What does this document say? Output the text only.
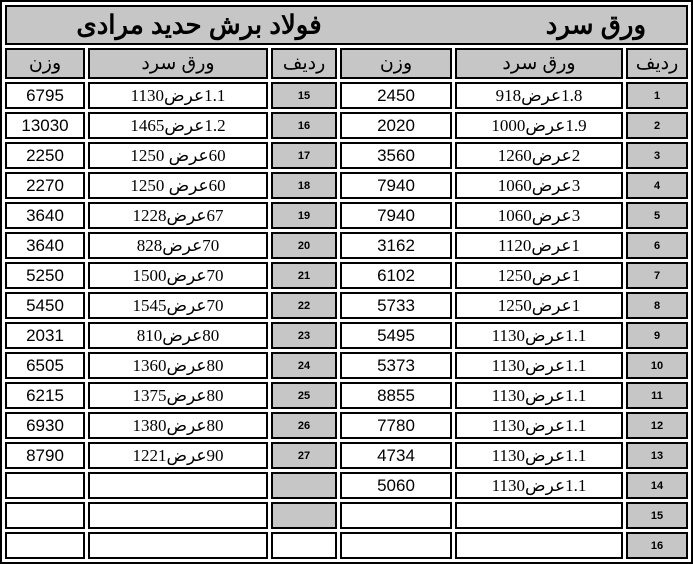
فولاد برش حدید مرادی ورق سرد					

وزن	ورق سرد	ردیف	وزن	ورق سرد	ردیف
6795	1.1عرض1130	15	2450	1.8عرض918	1
13030	1.2عرض1465	16	2020	1.9عرض1000	2
2250	60عرض 1250	17	3560	2عرض1260	3
2270	60عرض 1250	18	7940	3عرض1060	4
3640	67عرض1228	19	7940	3عرض1060	5
3640	70عرض828	20	3162	1عرض1120	6
5250	70عرض1500	21	6102	1عرض1250	7
5450	70عرض1545	22	5733	1عرض1250	8
2031	80عرض810	23	5495	1.1عرض1130	9
6505	80عرض1360	24	5373	1.1عرض1130	10
6215	80عرض1375	25	8855	1.1عرض1130	11
6930	80عرض1380	26	7780	1.1عرض1130	12
8790	90عرض1221	27	4734	1.1عرض1130	13
			5060	1.1عرض1130	14
					15
					16
